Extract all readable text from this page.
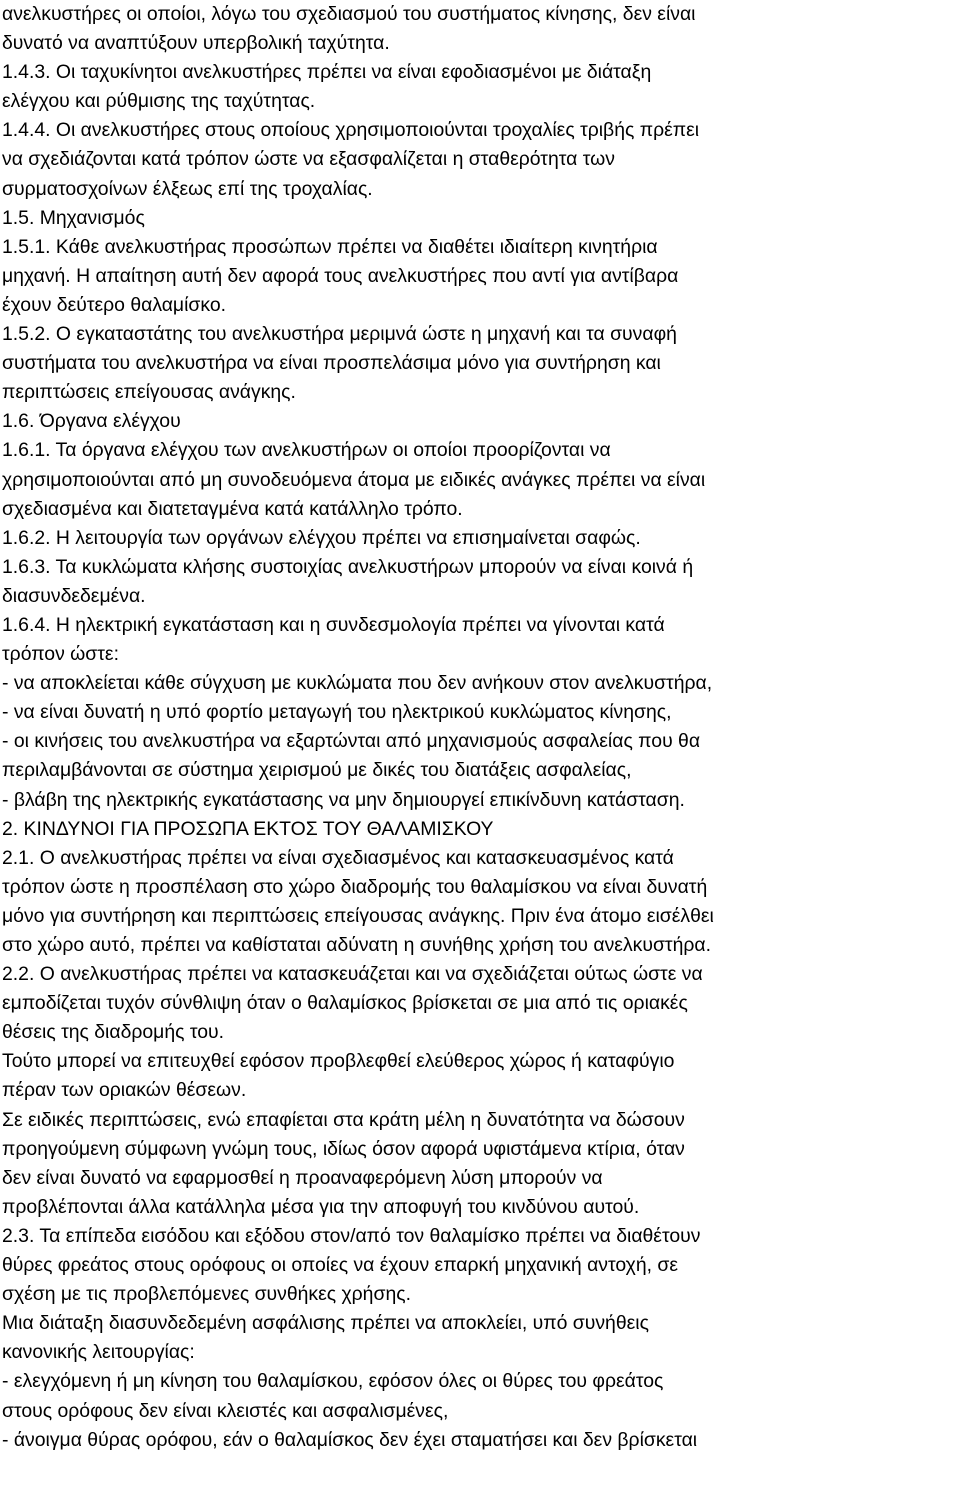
ανελκυστήρες οι οποίοι, λόγω του σχεδιασμού του συστήματος κίνησης, δεν είναι
δυνατό να αναπτύξουν υπερβολική ταχύτητα.
1.4.3. Οι ταχυκίνητοι ανελκυστήρες πρέπει να είναι εφοδιασμένοι με διάταξη
ελέγχου και ρύθμισης της ταχύτητας.
1.4.4. Οι ανελκυστήρες στους οποίους χρησιμοποιούνται τροχαλίες τριβής πρέπει
να σχεδιάζονται κατά τρόπον ώστε να εξασφαλίζεται η σταθερότητα των
συρματοσχοίνων έλξεως επί της τροχαλίας.
1.5. Μηχανισμός
1.5.1. Κάθε ανελκυστήρας προσώπων πρέπει να διαθέτει ιδιαίτερη κινητήρια
μηχανή. Η απαίτηση αυτή δεν αφορά τους ανελκυστήρες που αντί για αντίβαρα
έχουν δεύτερο θαλαμίσκο.
1.5.2. Ο εγκαταστάτης του ανελκυστήρα μεριμνά ώστε η μηχανή και τα συναφή
συστήματα του ανελκυστήρα να είναι προσπελάσιμα μόνο για συντήρηση και
περιπτώσεις επείγουσας ανάγκης.
1.6. Όργανα ελέγχου
1.6.1. Τα όργανα ελέγχου των ανελκυστήρων οι οποίοι προορίζονται να
χρησιμοποιούνται από μη συνοδευόμενα άτομα με ειδικές ανάγκες πρέπει να είναι
σχεδιασμένα και διατεταγμένα κατά κατάλληλο τρόπο.
1.6.2. Η λειτουργία των οργάνων ελέγχου πρέπει να επισημαίνεται σαφώς.
1.6.3. Τα κυκλώματα κλήσης συστοιχίας ανελκυστήρων μπορούν να είναι κοινά ή
διασυνδεδεμένα.
1.6.4. Η ηλεκτρική εγκατάσταση και η συνδεσμολογία πρέπει να γίνονται κατά
τρόπον ώστε:
- να αποκλείεται κάθε σύγχυση με κυκλώματα που δεν ανήκουν στον ανελκυστήρα,
- να είναι δυνατή η υπό φορτίο μεταγωγή του ηλεκτρικού κυκλώματος κίνησης,
- οι κινήσεις του ανελκυστήρα να εξαρτώνται από μηχανισμούς ασφαλείας που θα
περιλαμβάνονται σε σύστημα χειρισμού με δικές του διατάξεις ασφαλείας,
- βλάβη της ηλεκτρικής εγκατάστασης να μην δημιουργεί επικίνδυνη κατάσταση.
2. ΚΙΝΔΥΝΟΙ ΓΙΑ ΠΡΟΣΩΠΑ ΕΚΤΟΣ ΤΟΥ ΘΑΛΑΜΙΣΚΟΥ
2.1. Ο ανελκυστήρας πρέπει να είναι σχεδιασμένος και κατασκευασμένος κατά
τρόπον ώστε η προσπέλαση στο χώρο διαδρομής του θαλαμίσκου να είναι δυνατή
μόνο για συντήρηση και περιπτώσεις επείγουσας ανάγκης. Πριν ένα άτομο εισέλθει
στο χώρο αυτό, πρέπει να καθίσταται αδύνατη η συνήθης χρήση του ανελκυστήρα.
2.2. Ο ανελκυστήρας πρέπει να κατασκευάζεται και να σχεδιάζεται ούτως ώστε να
εμποδίζεται τυχόν σύνθλιψη όταν ο θαλαμίσκος βρίσκεται σε μια από τις οριακές
θέσεις της διαδρομής του.
Τούτο μπορεί να επιτευχθεί εφόσον προβλεφθεί ελεύθερος χώρος ή καταφύγιο
πέραν των οριακών θέσεων.
Σε ειδικές περιπτώσεις, ενώ επαφίεται στα κράτη μέλη η δυνατότητα να δώσουν
προηγούμενη σύμφωνη γνώμη τους, ιδίως όσον αφορά υφιστάμενα κτίρια, όταν
δεν είναι δυνατό να εφαρμοσθεί η προαναφερόμενη λύση μπορούν να
προβλέπονται άλλα κατάλληλα μέσα για την αποφυγή του κινδύνου αυτού.
2.3. Τα επίπεδα εισόδου και εξόδου στον/από τον θαλαμίσκο πρέπει να διαθέτουν
θύρες φρεάτος στους ορόφους οι οποίες να έχουν επαρκή μηχανική αντοχή, σε
σχέση με τις προβλεπόμενες συνθήκες χρήσης.
Μια διάταξη διασυνδεδεμένη ασφάλισης πρέπει να αποκλείει, υπό συνήθεις
κανονικής λειτουργίας:
- ελεγχόμενη ή μη κίνηση του θαλαμίσκου, εφόσον όλες οι θύρες του φρεάτος
στους ορόφους δεν είναι κλειστές και ασφαλισμένες,
- άνοιγμα θύρας ορόφου, εάν ο θαλαμίσκος δεν έχει σταματήσει και δεν βρίσκεται
